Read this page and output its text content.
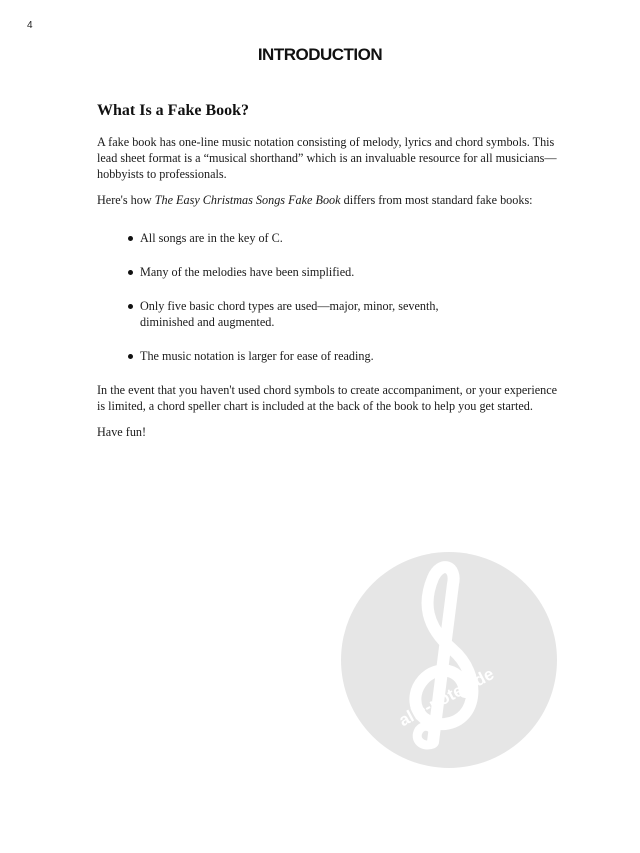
4
INTRODUCTION
What Is a Fake Book?

A fake book has one-line music notation consisting of melody, lyrics and chord symbols. This lead sheet format is a “musical shorthand” which is an invaluable resource for all musicians—hobbyists to professionals.

Here's how The Easy Christmas Songs Fake Book differs from most standard fake books:

All songs are in the key of C.
Many of the melodies have been simplified.
Only five basic chord types are used—major, minor, seventh, diminished and augmented.
The music notation is larger for ease of reading.

In the event that you haven't used chord symbols to create accompaniment, or your experience is limited, a chord speller chart is included at the back of the book to help you get started.

Have fun!

alle-noten.de
